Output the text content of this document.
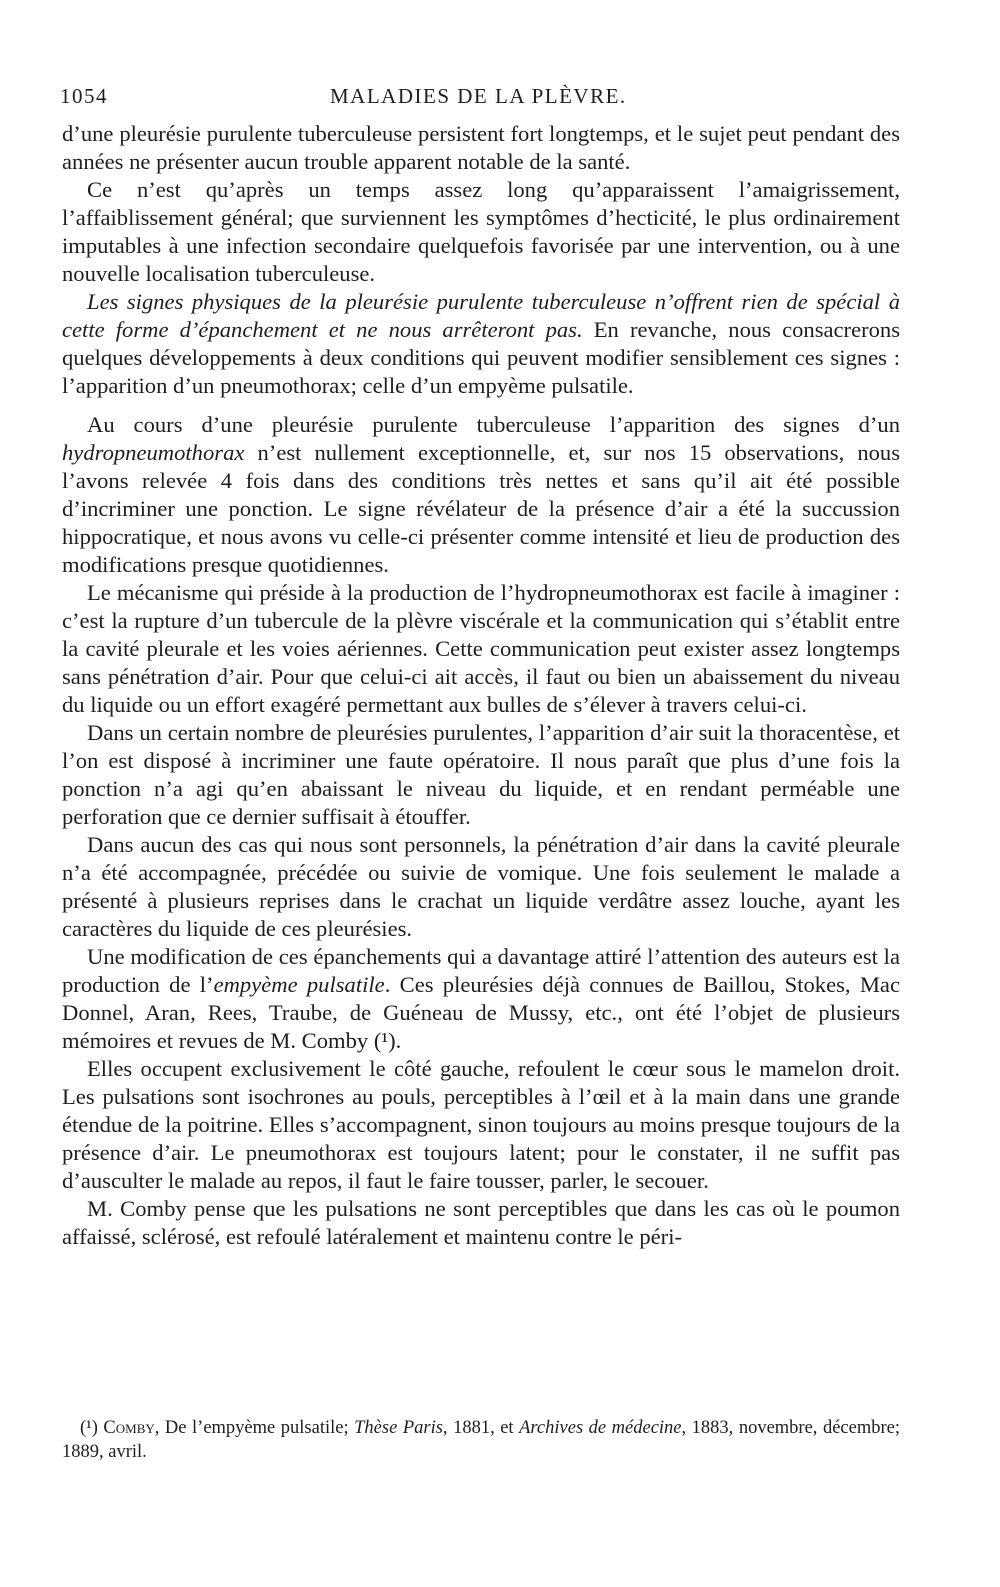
1054	MALADIES DE LA PLÈVRE.

d’une pleurésie purulente tuberculeuse persistent fort longtemps, et le sujet peut pendant des années ne présenter aucun trouble apparent notable de la santé.

Ce n’est qu’après un temps assez long qu’apparaissent l’amaigrissement, l’affaiblissement général; que surviennent les symptômes d’hecticité, le plus ordinairement imputables à une infection secondaire quelquefois favorisée par une intervention, ou à une nouvelle localisation tuberculeuse.

Les signes physiques de la pleurésie purulente tuberculeuse n’offrent rien de spécial à cette forme d’épanchement et ne nous arrêteront pas. En revanche, nous consacrerons quelques développements à deux conditions qui peuvent modifier sensiblement ces signes : l’apparition d’un pneumothorax; celle d’un empyème pulsatile.

Au cours d’une pleurésie purulente tuberculeuse l’apparition des signes d’un hydropneumothorax n’est nullement exceptionnelle, et, sur nos 15 observations, nous l’avons relevée 4 fois dans des conditions très nettes et sans qu’il ait été possible d’incriminer une ponction. Le signe révélateur de la présence d’air a été la succussion hippocratique, et nous avons vu celle-ci présenter comme intensité et lieu de production des modifications presque quotidiennes.

Le mécanisme qui préside à la production de l’hydropneumothorax est facile à imaginer : c’est la rupture d’un tubercule de la plèvre viscérale et la communication qui s’établit entre la cavité pleurale et les voies aériennes. Cette communication peut exister assez longtemps sans pénétration d’air. Pour que celui-ci ait accès, il faut ou bien un abaissement du niveau du liquide ou un effort exagéré permettant aux bulles de s’élever à travers celui-ci.

Dans un certain nombre de pleurésies purulentes, l’apparition d’air suit la thoracentèse, et l’on est disposé à incriminer une faute opératoire. Il nous paraît que plus d’une fois la ponction n’a agi qu’en abaissant le niveau du liquide, et en rendant perméable une perforation que ce dernier suffisait à étouffer.

Dans aucun des cas qui nous sont personnels, la pénétration d’air dans la cavité pleurale n’a été accompagnée, précédée ou suivie de vomique. Une fois seulement le malade a présenté à plusieurs reprises dans le crachat un liquide verdâtre assez louche, ayant les caractères du liquide de ces pleurésies.

Une modification de ces épanchements qui a davantage attiré l’attention des auteurs est la production de l’empyème pulsatile. Ces pleurésies déjà connues de Baillou, Stokes, Mac Donnel, Aran, Rees, Traube, de Guéneau de Mussy, etc., ont été l’objet de plusieurs mémoires et revues de M. Comby (¹).

Elles occupent exclusivement le côté gauche, refoulent le cœur sous le mamelon droit. Les pulsations sont isochrones au pouls, perceptibles à l’œil et à la main dans une grande étendue de la poitrine. Elles s’accompagnent, sinon toujours au moins presque toujours de la présence d’air. Le pneumothorax est toujours latent; pour le constater, il ne suffit pas d’ausculter le malade au repos, il faut le faire tousser, parler, le secouer.

M. Comby pense que les pulsations ne sont perceptibles que dans les cas où le poumon affaissé, sclérosé, est refoulé latéralement et maintenu contre le péri-

(¹) Comby, De l’empyème pulsatile; Thèse Paris, 1881, et Archives de médecine, 1883, novembre, décembre; 1889, avril.
